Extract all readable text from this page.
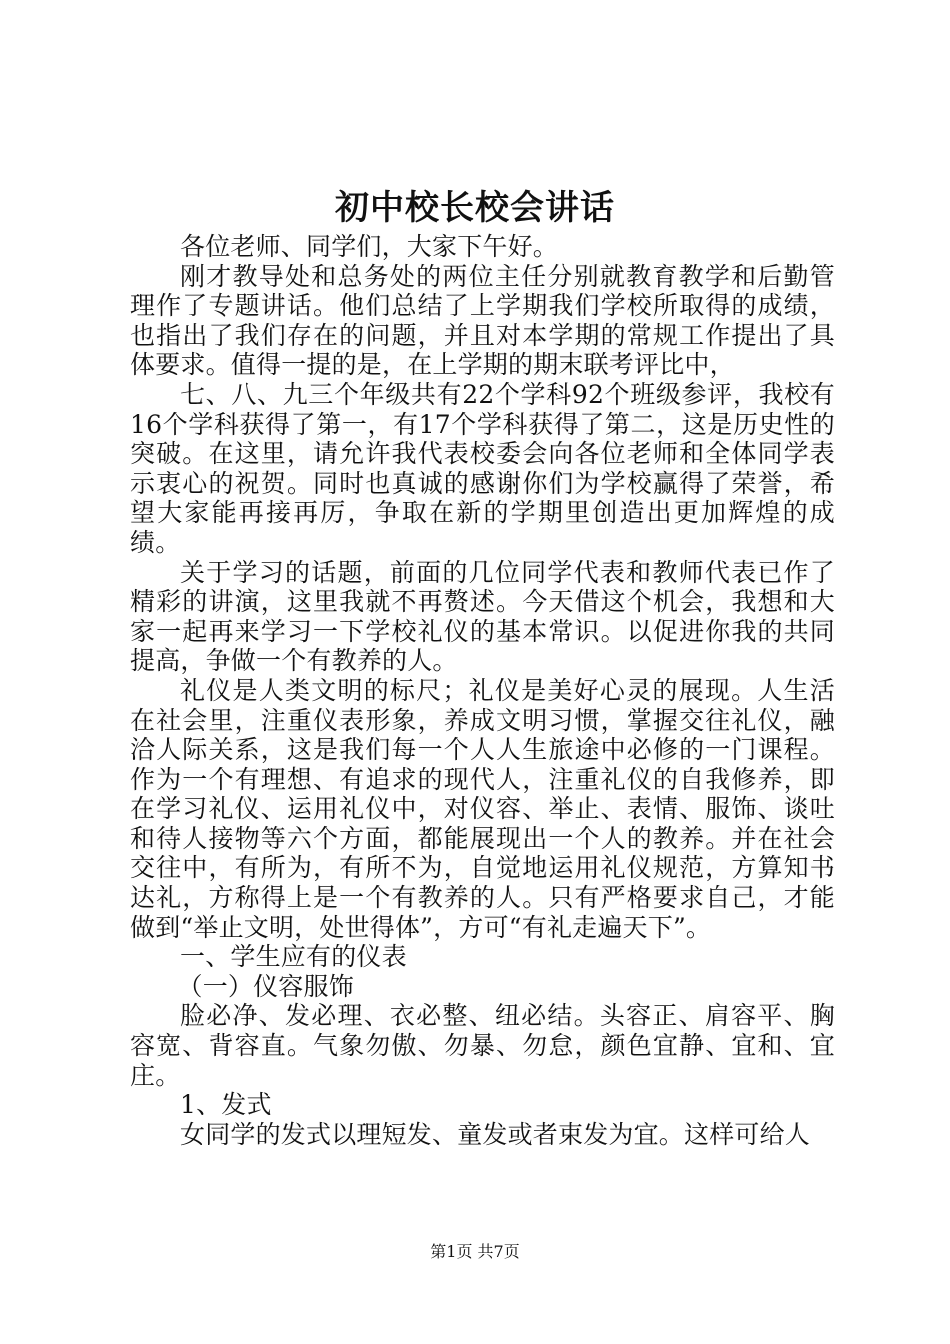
初中校长校会讲话

各位老师、同学们，大家下午好。

刚才教导处和总务处的两位主任分别就教育教学和后勤管理作了专题讲话。他们总结了上学期我们学校所取得的成绩，也指出了我们存在的问题，并且对本学期的常规工作提出了具体要求。值得一提的是，在上学期的期末联考评比中，

七、八、九三个年级共有22个学科92个班级参评，我校有16个学科获得了第一，有17个学科获得了第二，这是历史性的突破。在这里，请允许我代表校委会向各位老师和全体同学表示衷心的祝贺。同时也真诚的感谢你们为学校赢得了荣誉，希望大家能再接再厉，争取在新的学期里创造出更加辉煌的成绩。

关于学习的话题，前面的几位同学代表和教师代表已作了精彩的讲演，这里我就不再赘述。今天借这个机会，我想和大家一起再来学习一下学校礼仪的基本常识。以促进你我的共同提高，争做一个有教养的人。

礼仪是人类文明的标尺；礼仪是美好心灵的展现。人生活在社会里，注重仪表形象，养成文明习惯，掌握交往礼仪，融洽人际关系，这是我们每一个人人生旅途中必修的一门课程。作为一个有理想、有追求的现代人，注重礼仪的自我修养，即在学习礼仪、运用礼仪中，对仪容、举止、表情、服饰、谈吐和待人接物等六个方面，都能展现出一个人的教养。并在社会交往中，有所为，有所不为，自觉地运用礼仪规范，方算知书达礼，方称得上是一个有教养的人。只有严格要求自己，才能做到“举止文明，处世得体”，方可“有礼走遍天下”。

一、学生应有的仪表

（一）仪容服饰

脸必净、发必理、衣必整、纽必结。头容正、肩容平、胸容宽、背容直。气象勿傲、勿暴、勿怠，颜色宜静、宜和、宜庄。

1、发式

女同学的发式以理短发、童发或者束发为宜。这样可给人

第1页 共7页
